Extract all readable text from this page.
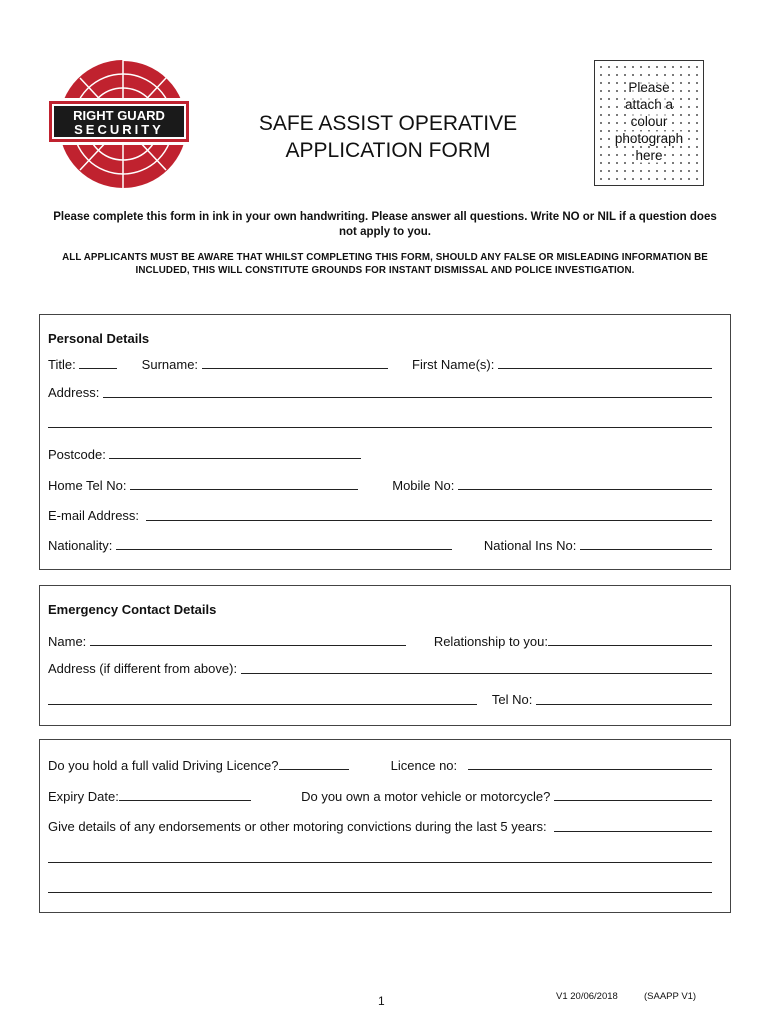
RIGHT GUARD
SECURITY	SAFE ASSIST OPERATIVE
APPLICATION FORM
Please
attach a
colour
photograph
here
Please complete this form in ink in your own handwriting. Please answer all questions. Write NO or NIL if a question does not apply to you.
ALL APPLICANTS MUST BE AWARE THAT WHILST COMPLETING THIS FORM, SHOULD ANY FALSE OR MISLEADING INFORMATION BE INCLUDED, THIS WILL CONSTITUTE GROUNDS FOR INSTANT DISMISSAL AND POLICE INVESTIGATION.
Personal Details
Title:	Surname:	First Name(s):
Address:

Postcode:
Home Tel No:	Mobile No:
E-mail Address:

Nationality:	National Ins No:
Emergency Contact Details
Name:	Relationship to you:
Address (if different from above):

Tel No:

Do you hold a full valid Driving Licence?	Licence no:
Expiry Date:	Do you own a motor vehicle or motorcycle?
Give details of any endorsements or other motoring convictions during the last 5 years:

1	V1 20/06/2018	(SAAPP V1)
